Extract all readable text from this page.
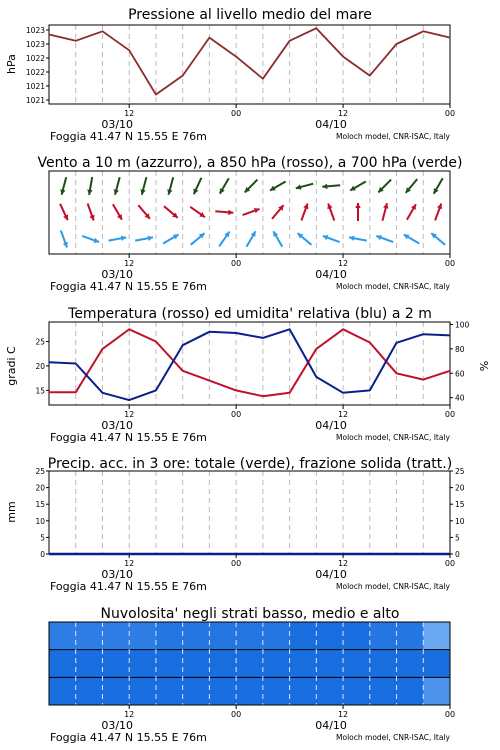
Pressione al livello medio del mare
1021
1021
1022
1022
1023
1023
hPa
12	00	12	00
03/10	04/10
Foggia 41.47 N 15.55 E 76m	Moloch model, CNR-ISAC, Italy
Vento a 10 m (azzurro), a 850 hPa (rosso), a 700 hPa (verde)
12	00	12	00
03/10	04/10
Foggia 41.47 N 15.55 E 76m	Moloch model, CNR-ISAC, Italy
Temperatura (rosso) ed umidita' relativa (blu) a 2 m
15
20
25
40
60
80
100
gradi C	%
12	00	12	00
03/10	04/10
Foggia 41.47 N 15.55 E 76m	Moloch model, CNR-ISAC, Italy
Precip. acc. in 3 ore: totale (verde), frazione solida (tratt.)
0	0
5	5
10	10
15	15
20	20
25	25
mm
12	00	12	00
03/10	04/10
Foggia 41.47 N 15.55 E 76m	Moloch model, CNR-ISAC, Italy
Nuvolosita' negli strati basso, medio e alto
12	00	12	00
03/10	04/10
Foggia 41.47 N 15.55 E 76m	Moloch model, CNR-ISAC, Italy
